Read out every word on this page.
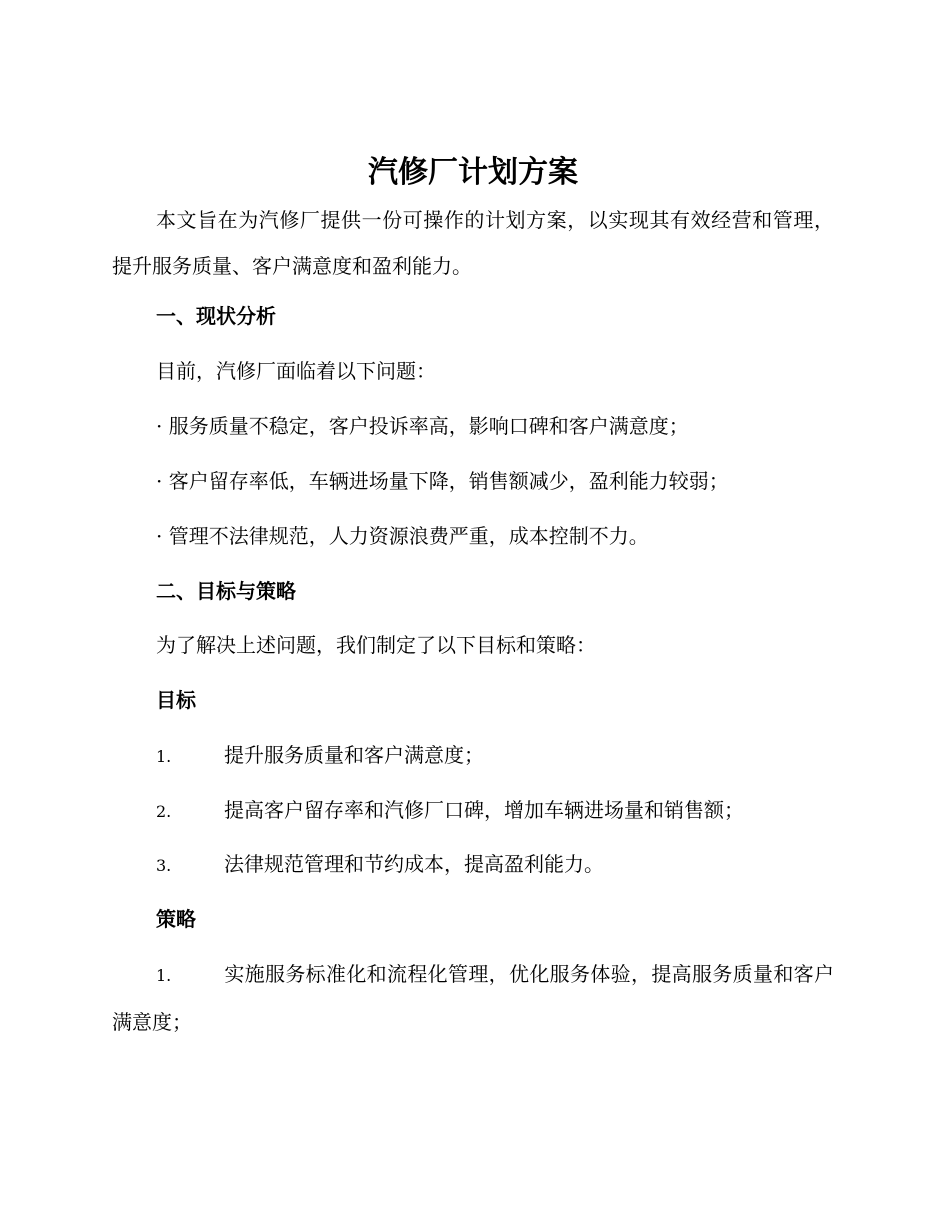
汽修厂计划方案
本文旨在为汽修厂提供一份可操作的计划方案，以实现其有效经营和管理，提升服务质量、客户满意度和盈利能力。
一、现状分析
目前，汽修厂面临着以下问题：
· 服务质量不稳定，客户投诉率高，影响口碑和客户满意度；
· 客户留存率低，车辆进场量下降，销售额减少，盈利能力较弱；
· 管理不法律规范，人力资源浪费严重，成本控制不力。
二、目标与策略
为了解决上述问题，我们制定了以下目标和策略：
目标
1.	提升服务质量和客户满意度；
2.	提高客户留存率和汽修厂口碑，增加车辆进场量和销售额；
3.	法律规范管理和节约成本，提高盈利能力。
策略
1.	实施服务标准化和流程化管理，优化服务体验，提高服务质量和客户满意度；
